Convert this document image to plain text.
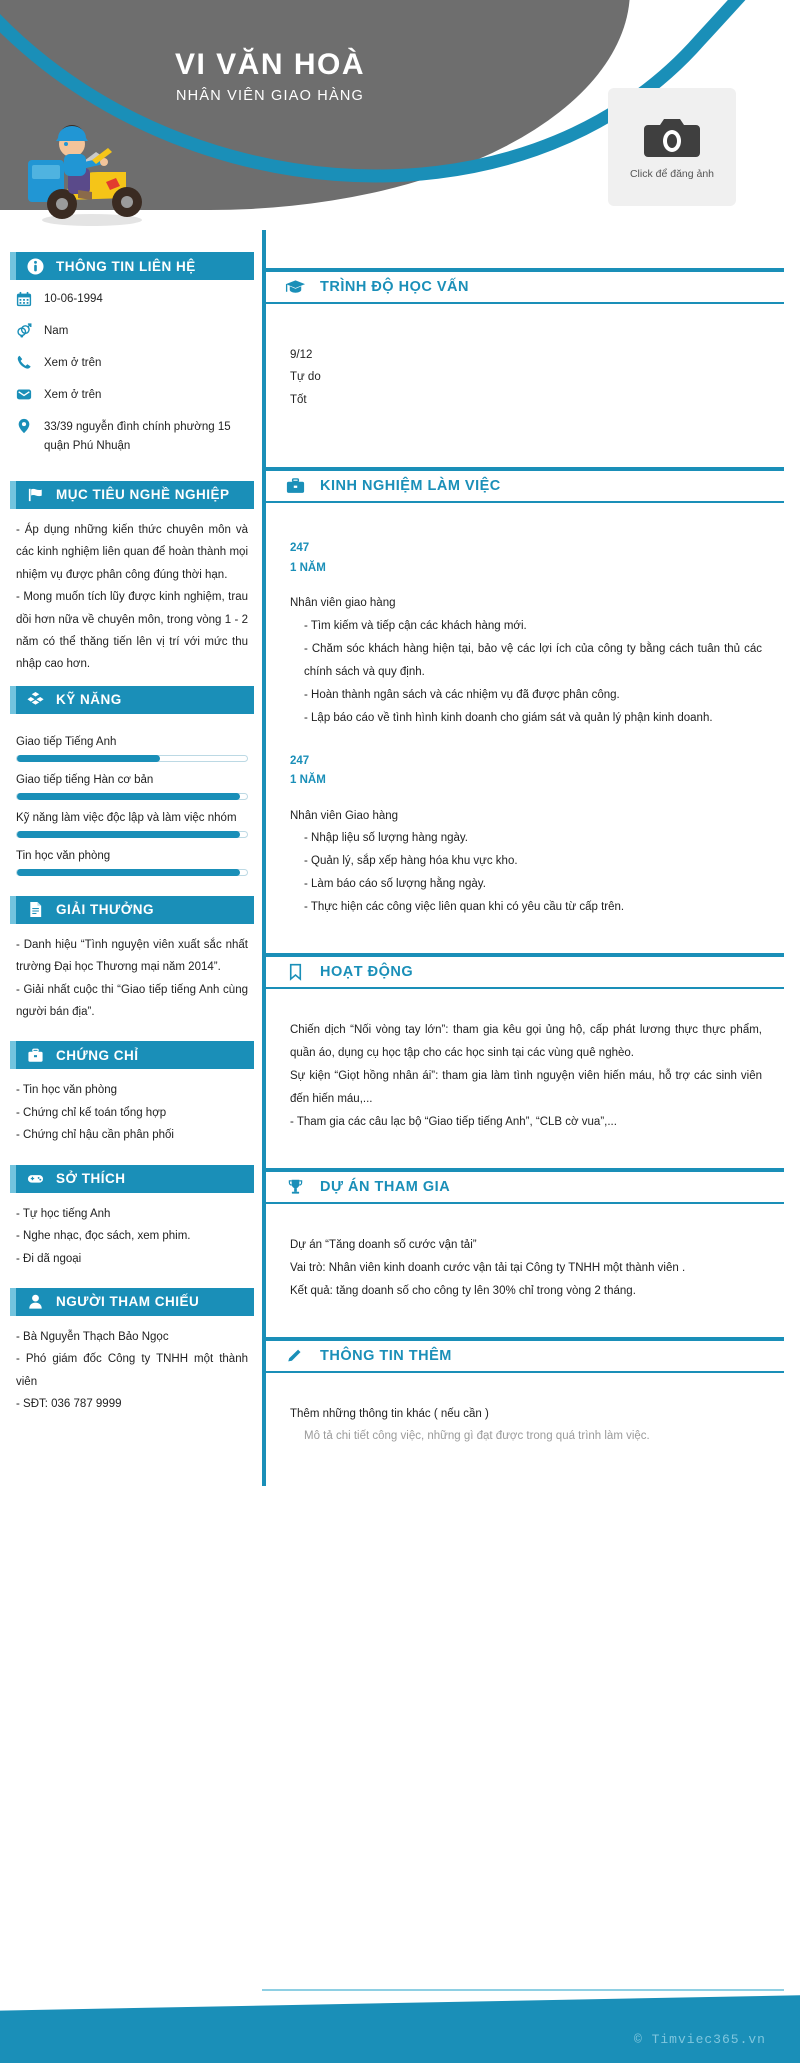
VI VĂN HOÀ
NHÂN VIÊN GIAO HÀNG
Click để đăng ảnh
THÔNG TIN LIÊN HỆ
10-06-1994
Nam
Xem ở trên
Xem ở trên
33/39 nguyễn đình chính phường 15 quận Phú Nhuận
MỤC TIÊU NGHỀ NGHIỆP
- Áp dụng những kiến thức chuyên môn và các kinh nghiệm liên quan để hoàn thành mọi nhiệm vụ được phân công đúng thời hạn.
- Mong muốn tích lũy được kinh nghiệm, trau dồi hơn nữa về chuyên môn, trong vòng 1 - 2 năm có thể thăng tiến lên vị trí với mức thu nhập cao hơn.
KỸ NĂNG
Giao tiếp Tiếng Anh
Giao tiếp tiếng Hàn cơ bản
Kỹ năng làm việc độc lập và làm việc nhóm
Tin học văn phòng
GIẢI THƯỞNG
- Danh hiệu “Tình nguyện viên xuất sắc nhất trường Đại học Thương mại năm 2014”.
- Giải nhất cuộc thi “Giao tiếp tiếng Anh cùng người bán địa”.
CHỨNG CHỈ
- Tin học văn phòng
- Chứng chỉ kế toán tổng hợp
- Chứng chỉ hậu cần phân phối
SỞ THÍCH
- Tự học tiếng Anh
- Nghe nhạc, đọc sách, xem phim.
- Đi dã ngoại
NGƯỜI THAM CHIẾU
- Bà Nguyễn Thạch Bảo Ngọc
- Phó giám đốc Công ty TNHH một thành viên
- SĐT: 036 787 9999
TRÌNH ĐỘ HỌC VẤN
9/12
Tự do
Tốt
KINH NGHIỆM LÀM VIỆC
247
1 NĂM
Nhân viên giao hàng
- Tìm kiếm và tiếp cận các khách hàng mới.
- Chăm sóc khách hàng hiện tại, bảo vệ các lợi ích của công ty bằng cách tuân thủ các chính sách và quy định.
- Hoàn thành ngân sách và các nhiệm vụ đã được phân công.
- Lập báo cáo về tình hình kinh doanh cho giám sát và quản lý phận kinh doanh.
247
1 NĂM
Nhân viên Giao hàng
- Nhập liệu số lượng hàng ngày.
- Quản lý, sắp xếp hàng hóa khu vực kho.
- Làm báo cáo số lượng hằng ngày.
- Thực hiện các công việc liên quan khi có yêu cầu từ cấp trên.
HOẠT ĐỘNG
Chiến dịch “Nối vòng tay lớn”: tham gia kêu gọi ủng hộ, cấp phát lương thực thực phẩm, quần áo, dụng cụ học tập cho các học sinh tại các vùng quê nghèo.
Sự kiện “Giọt hồng nhân ái”: tham gia làm tình nguyện viên hiến máu, hỗ trợ các sinh viên đến hiến máu,...
- Tham gia các câu lạc bộ “Giao tiếp tiếng Anh”, “CLB cờ vua”,...
DỰ ÁN THAM GIA
Dự án “Tăng doanh số cước vận tải”
Vai trò: Nhân viên kinh doanh cước vận tải tại Công ty TNHH một thành viên .
Kết quả: tăng doanh số cho công ty lên 30% chỉ trong vòng 2 tháng.
THÔNG TIN THÊM
Thêm những thông tin khác ( nếu cần )
Mô tả chi tiết công việc, những gì đạt được trong quá trình làm việc.
© Timviec365.vn
